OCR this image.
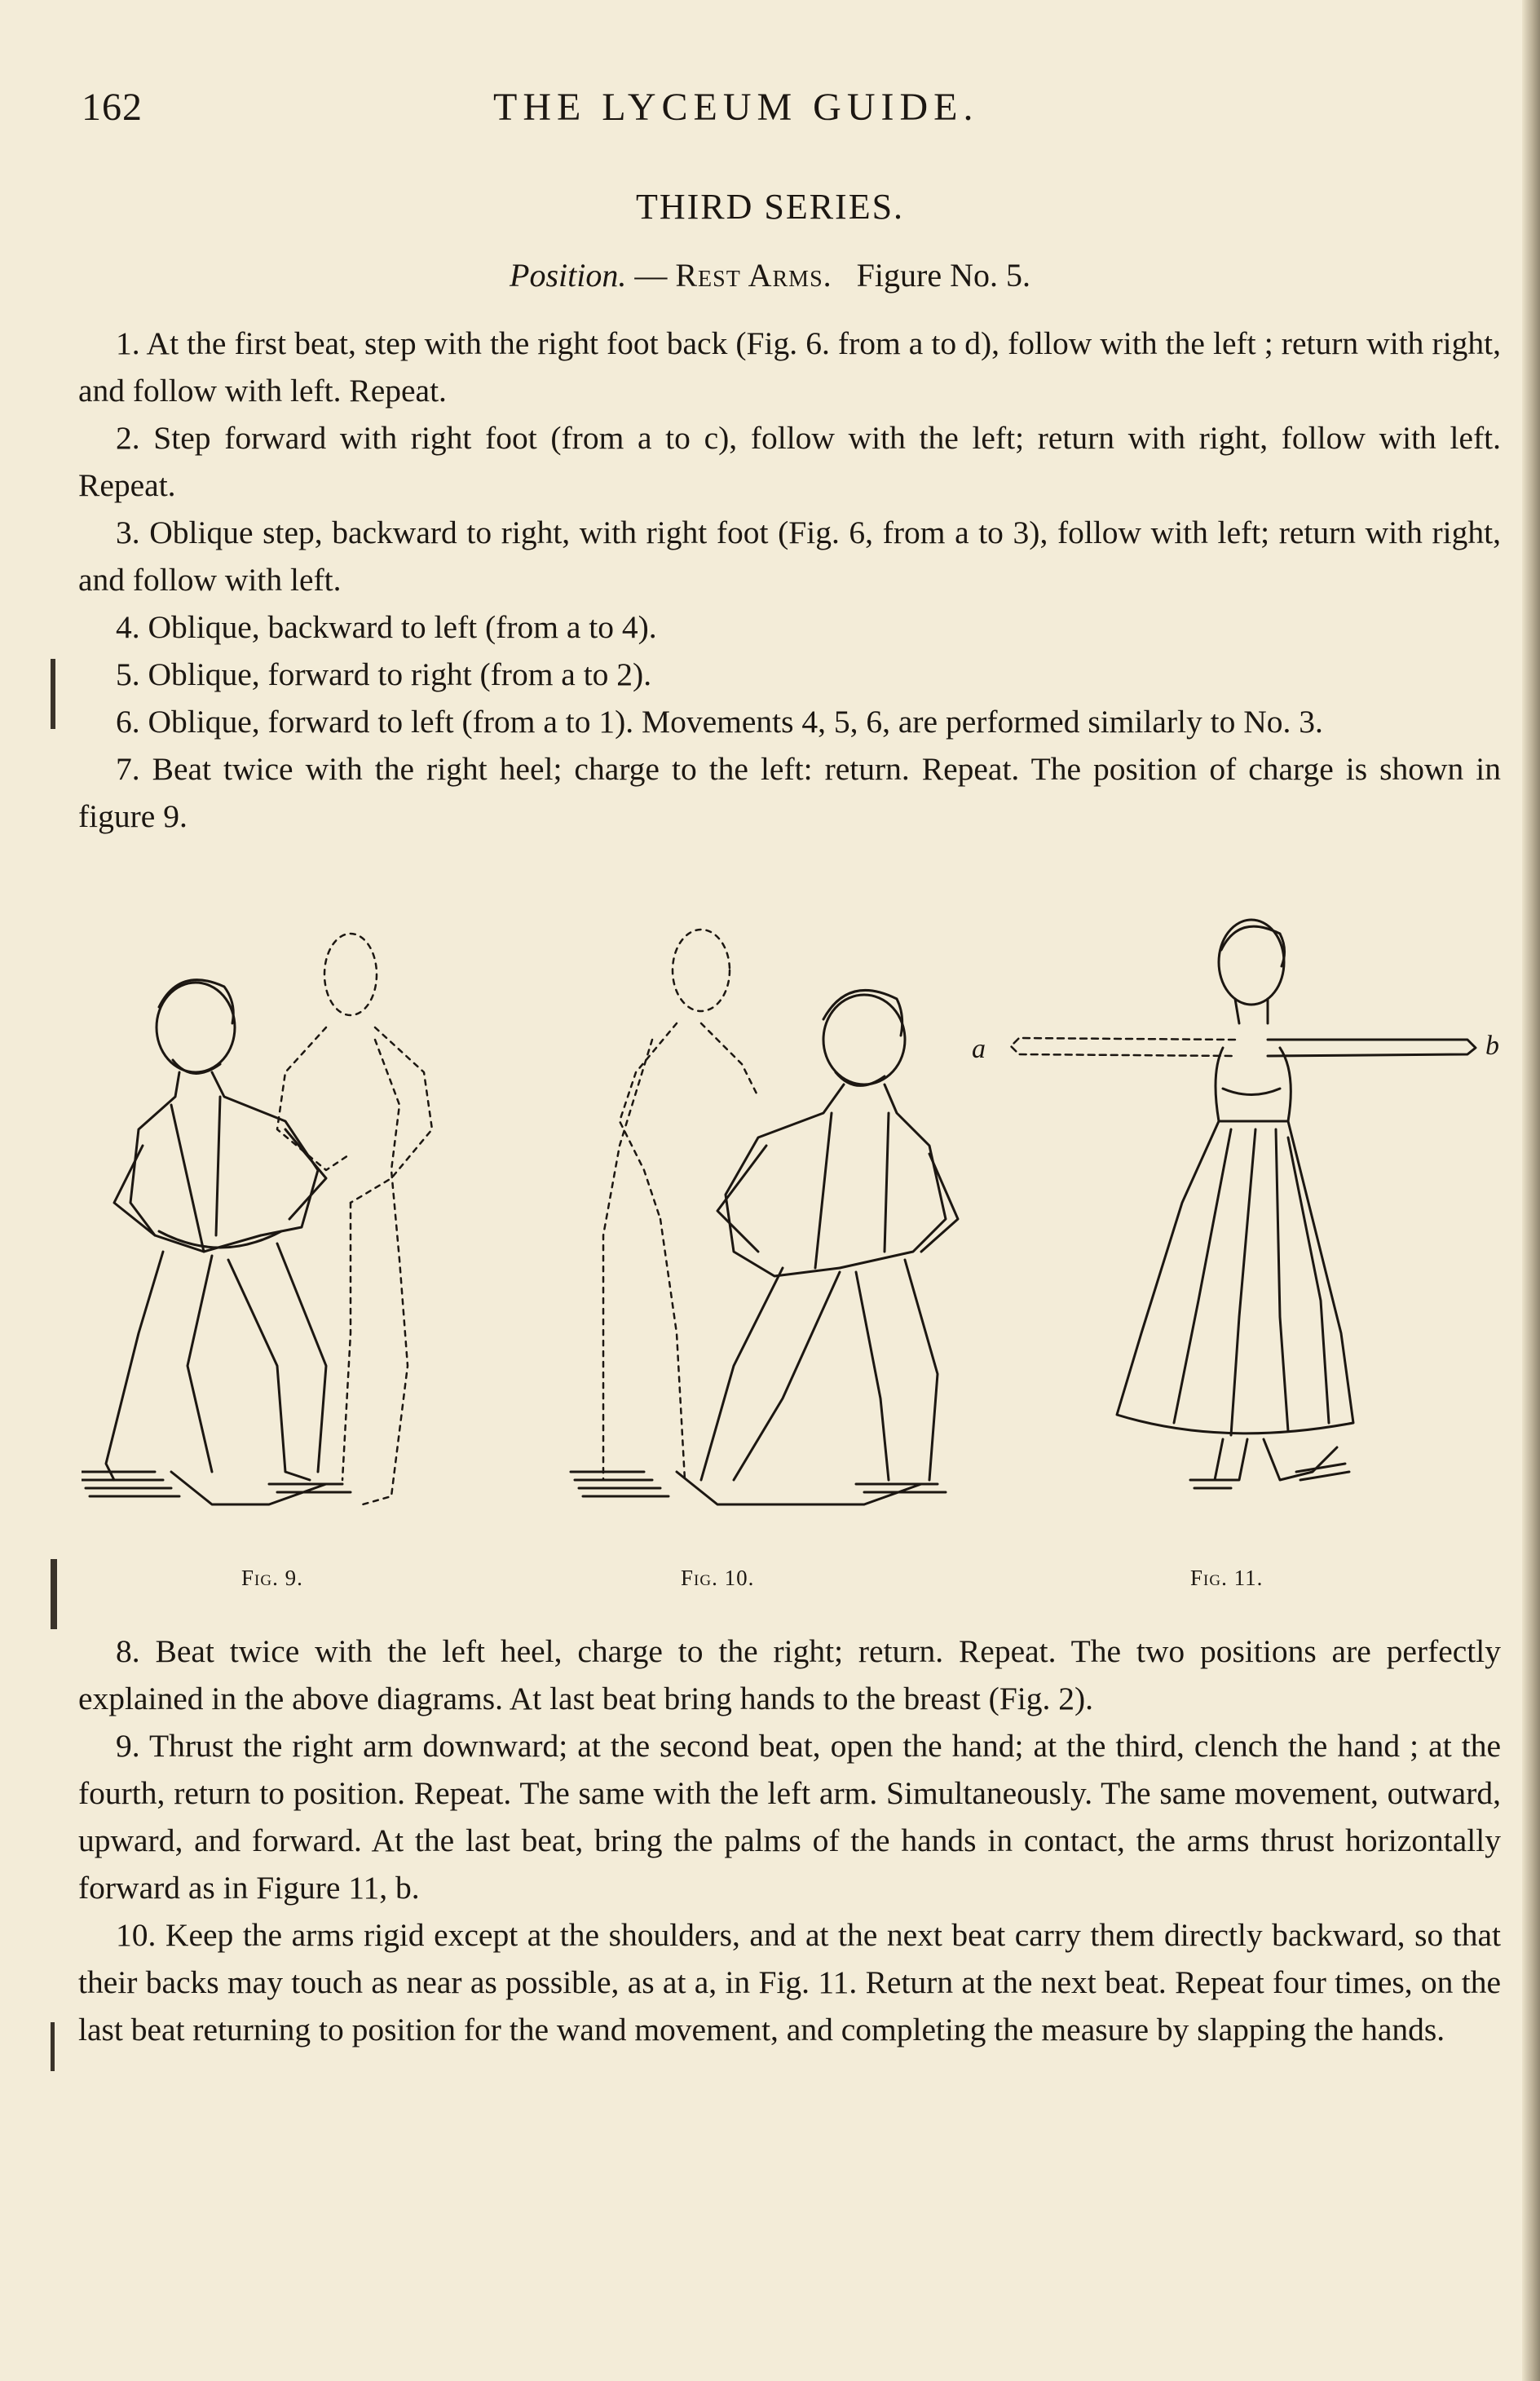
162	THE LYCEUM GUIDE.
THIRD SERIES.
Position. — Rest Arms. Figure No. 5.

1. At the first beat, step with the right foot back (Fig. 6. from a to d), follow with the left ; return with right, and follow with left. Repeat.

2. Step forward with right foot (from a to c), follow with the left; return with right, follow with left. Repeat.

3. Oblique step, backward to right, with right foot (Fig. 6, from a to 3), follow with left; return with right, and follow with left.

4. Oblique, backward to left (from a to 4).

5. Oblique, forward to right (from a to 2).

6. Oblique, forward to left (from a to 1). Movements 4, 5, 6, are performed similarly to No. 3.

7. Beat twice with the right heel; charge to the left: return. Repeat. The position of charge is shown in figure 9.

a	b
Fig. 9.	Fig. 10.	Fig. 11.

8. Beat twice with the left heel, charge to the right; return. Repeat. The two positions are perfectly explained in the above diagrams. At last beat bring hands to the breast (Fig. 2).

9. Thrust the right arm downward; at the second beat, open the hand; at the third, clench the hand ; at the fourth, return to position. Repeat. The same with the left arm. Simultaneously. The same movement, outward, upward, and forward. At the last beat, bring the palms of the hands in contact, the arms thrust horizontally forward as in Figure 11, b.

10. Keep the arms rigid except at the shoulders, and at the next beat carry them directly backward, so that their backs may touch as near as possible, as at a, in Fig. 11. Return at the next beat. Repeat four times, on the last beat returning to position for the wand movement, and completing the measure by slapping the hands.
